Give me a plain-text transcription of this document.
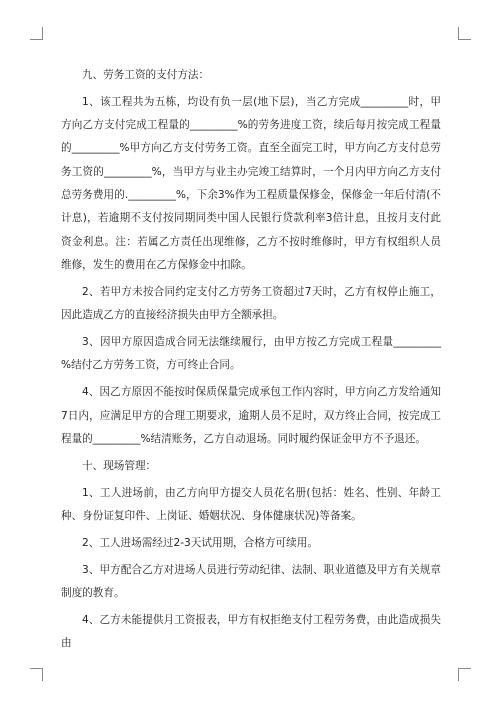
九、劳务工资的支付方法：

1、该工程共为五栋，均设有负一层(地下层)，当乙方完成_________时，甲方向乙方支付完成工程量的_________%的劳务进度工资，续后每月按完成工程量的_________%甲方向乙方支付劳务工资。直至全面完工时，甲方向乙方支付总劳务工资的_________%，当甲方与业主办完竣工结算时，一个月内甲方向乙方支付总劳务费用的._________%，下余3%作为工程质量保修金，保修金一年后付清(不计息)，若逾期不支付按同期同类中国人民银行贷款利率3倍计息，且按月支付此资金利息。注：若属乙方责任出现维修，乙方不按时维修时，甲方有权组织人员维修，发生的费用在乙方保修金中扣除。

2、若甲方未按合同约定支付乙方劳务工资超过7天时，乙方有权停止施工，因此造成乙方的直接经济损失由甲方全额承担。

3、因甲方原因造成合同无法继续履行，由甲方按乙方完成工程量_________%结付乙方劳务工资，方可终止合同。

4、因乙方原因不能按时保质保量完成承包工作内容时，甲方向乙方发给通知7日内，应满足甲方的合理工期要求，逾期人员不足时，双方终止合同，按完成工程量的_________%结清账务，乙方自动退场。同时履约保证金甲方不予退还。

十、现场管理：

1、工人进场前，由乙方向甲方提交人员花名册(包括：姓名、性别、年龄工种、身份证复印件、上岗证、婚姻状况、身体健康状况)等备案。

2、工人进场需经过2-3天试用期，合格方可续用。

3、甲方配合乙方对进场人员进行劳动纪律、法制、职业道德及甲方有关规章制度的教育。

4、乙方未能提供月工资报表，甲方有权拒绝支付工程劳务费，由此造成损失由
